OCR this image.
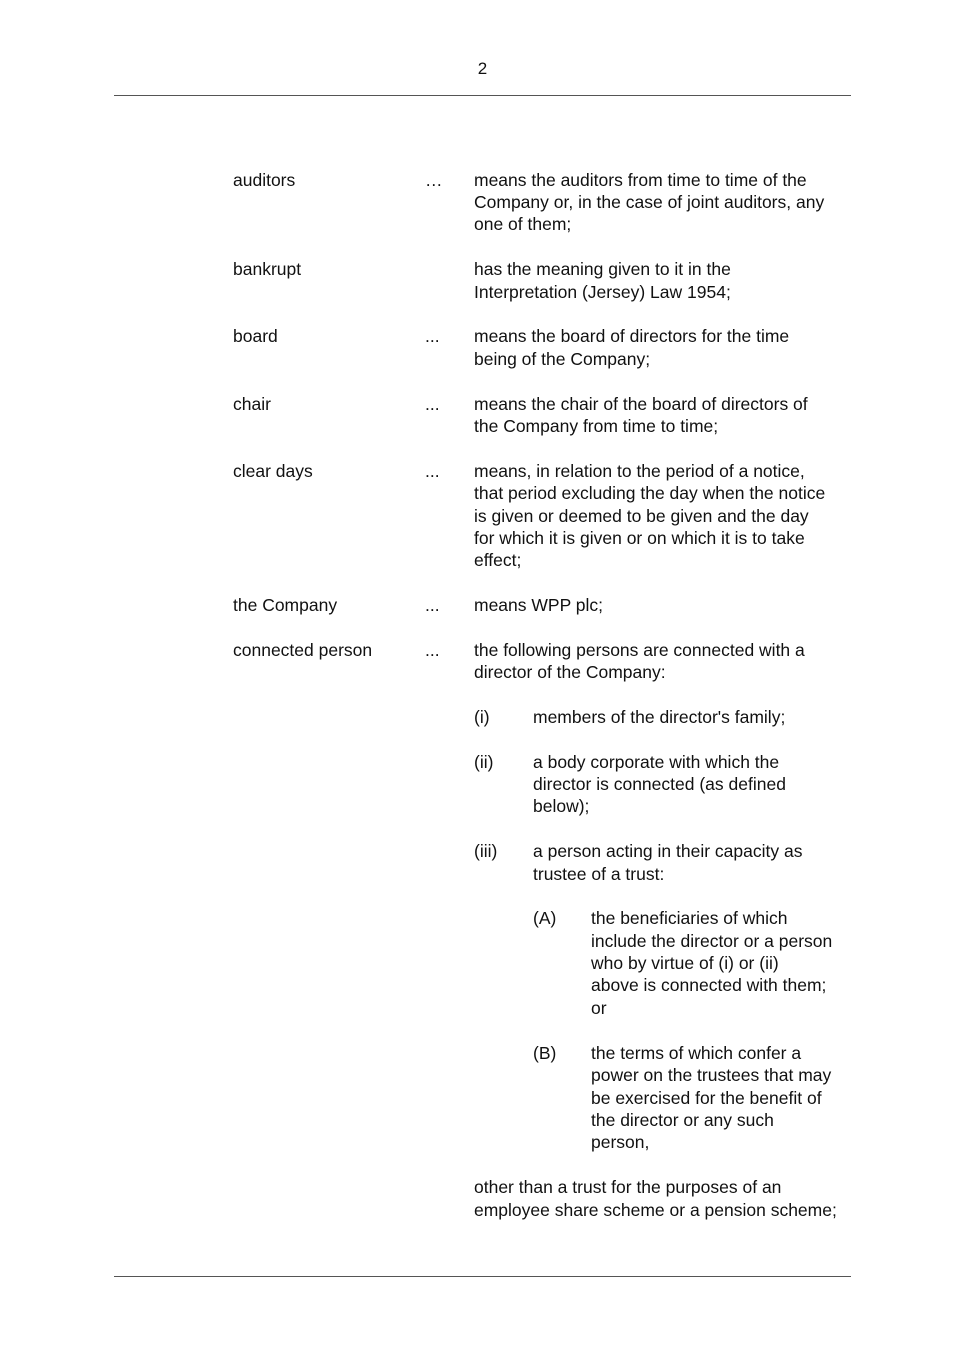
2
auditors	… means the auditors from time to time of the
Company or, in the case of joint auditors, any
one of them;
bankrupt	has the meaning given to it in the
Interpretation (Jersey) Law 1954;
board	... means the board of directors for the time
being of the Company;
chair	... means the chair of the board of directors of
the Company from time to time;
clear days	... means, in relation to the period of a notice,
that period excluding the day when the notice
is given or deemed to be given and the day
for which it is given or on which it is to take
effect;
the Company	... means WPP plc;
connected person	... the following persons are connected with a
director of the Company:
(i) members of the director's family;
(ii) a body corporate with which the
director is connected (as defined
below);
(iii) a person acting in their capacity as
trustee of a trust:
(A) the beneficiaries of which
include the director or a person
who by virtue of (i) or (ii)
above is connected with them;
or
(B) the terms of which confer a
power on the trustees that may
be exercised for the benefit of
the director or any such
person,
other than a trust for the purposes of an
employee share scheme or a pension scheme;
